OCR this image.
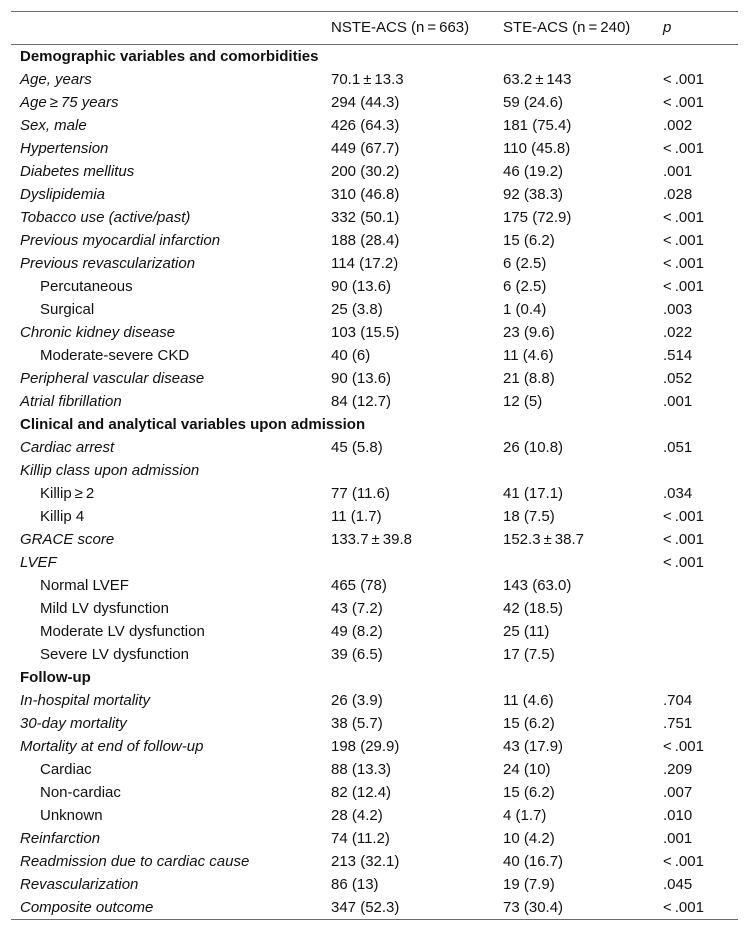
	NSTE-ACS (n = 663)	STE-ACS (n = 240)	p
Demographic variables and comorbidities			
Age, years	70.1 ± 13.3	63.2 ± 143	< .001
Age ≥ 75 years	294 (44.3)	59 (24.6)	< .001
Sex, male	426 (64.3)	181 (75.4)	.002
Hypertension	449 (67.7)	110 (45.8)	< .001
Diabetes mellitus	200 (30.2)	46 (19.2)	.001
Dyslipidemia	310 (46.8)	92 (38.3)	.028
Tobacco use (active/past)	332 (50.1)	175 (72.9)	< .001
Previous myocardial infarction	188 (28.4)	15 (6.2)	< .001
Previous revascularization	114 (17.2)	6 (2.5)	< .001
Percutaneous	90 (13.6)	6 (2.5)	< .001
Surgical	25 (3.8)	1 (0.4)	.003
Chronic kidney disease	103 (15.5)	23 (9.6)	.022
Moderate-severe CKD	40 (6)	11 (4.6)	.514
Peripheral vascular disease	90 (13.6)	21 (8.8)	.052
Atrial fibrillation	84 (12.7)	12 (5)	.001
Clinical and analytical variables upon admission			
Cardiac arrest	45 (5.8)	26 (10.8)	.051
Killip class upon admission			
Killip ≥ 2	77 (11.6)	41 (17.1)	.034
Killip 4	11 (1.7)	18 (7.5)	< .001
GRACE score	133.7 ± 39.8	152.3 ± 38.7	< .001
LVEF			< .001
Normal LVEF	465 (78)	143 (63.0)	
Mild LV dysfunction	43 (7.2)	42 (18.5)	
Moderate LV dysfunction	49 (8.2)	25 (11)	
Severe LV dysfunction	39 (6.5)	17 (7.5)	
Follow-up			
In-hospital mortality	26 (3.9)	11 (4.6)	.704
30-day mortality	38 (5.7)	15 (6.2)	.751
Mortality at end of follow-up	198 (29.9)	43 (17.9)	< .001
Cardiac	88 (13.3)	24 (10)	.209
Non-cardiac	82 (12.4)	15 (6.2)	.007
Unknown	28 (4.2)	4 (1.7)	.010
Reinfarction	74 (11.2)	10 (4.2)	.001
Readmission due to cardiac cause	213 (32.1)	40 (16.7)	< .001
Revascularization	86 (13)	19 (7.9)	.045
Composite outcome	347 (52.3)	73 (30.4)	< .001
